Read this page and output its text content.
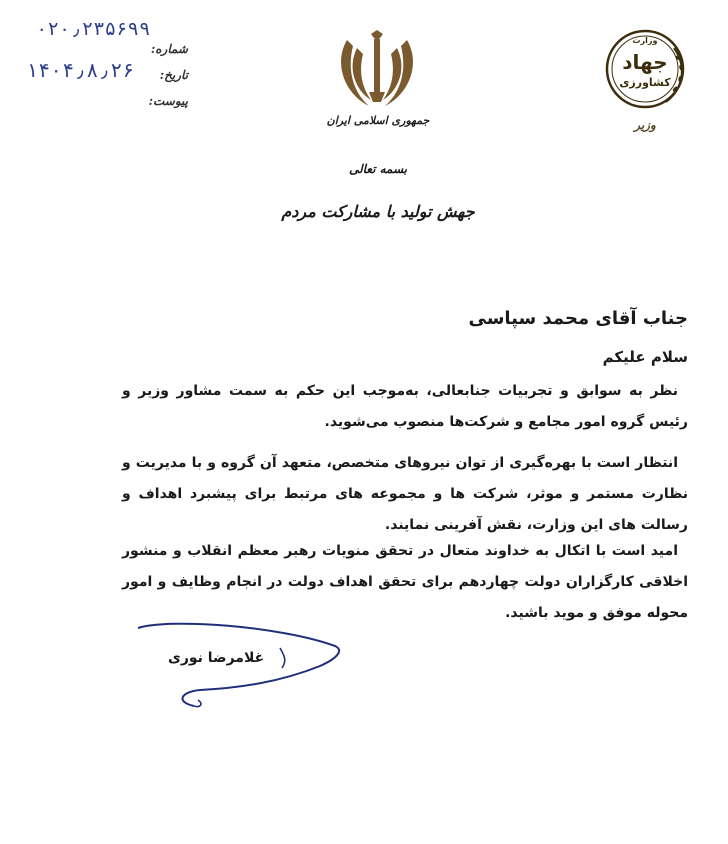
۰۲۰٫۲۳۵۶۹۹
۱۴۰۴٫۸٫۲۶
شماره:
تاریخ:
پیوست:
جمهوری اسلامی ایران
وزارت
جهاد
کشاورزی
وزیر
بسمه تعالی
جهش تولید با مشارکت مردم
جناب آقای محمد سپاسی
سلام علیکم
نظر به سوابق و تجربیات جنابعالی، به‌موجب این حکم به سمت مشاور وزیر و رئیس گروه امور مجامع و شرکت‌ها منصوب می‌شوید.
انتظار است با بهره‌گیری از توان نیروهای متخصص، متعهد آن گروه و با مدیریت و نظارت مستمر و موثر، شرکت ها و مجموعه های مرتبط برای پیشبرد اهداف و رسالت های این وزارت، نقش آفرینی نمایند.
امید است با اتکال به خداوند متعال در تحقق منویات رهبر معظم انقلاب و منشور اخلاقی کارگزاران دولت چهاردهم برای تحقق اهداف دولت در انجام وظایف و امور محوله موفق و موید باشید.
غلامرضا نوری
